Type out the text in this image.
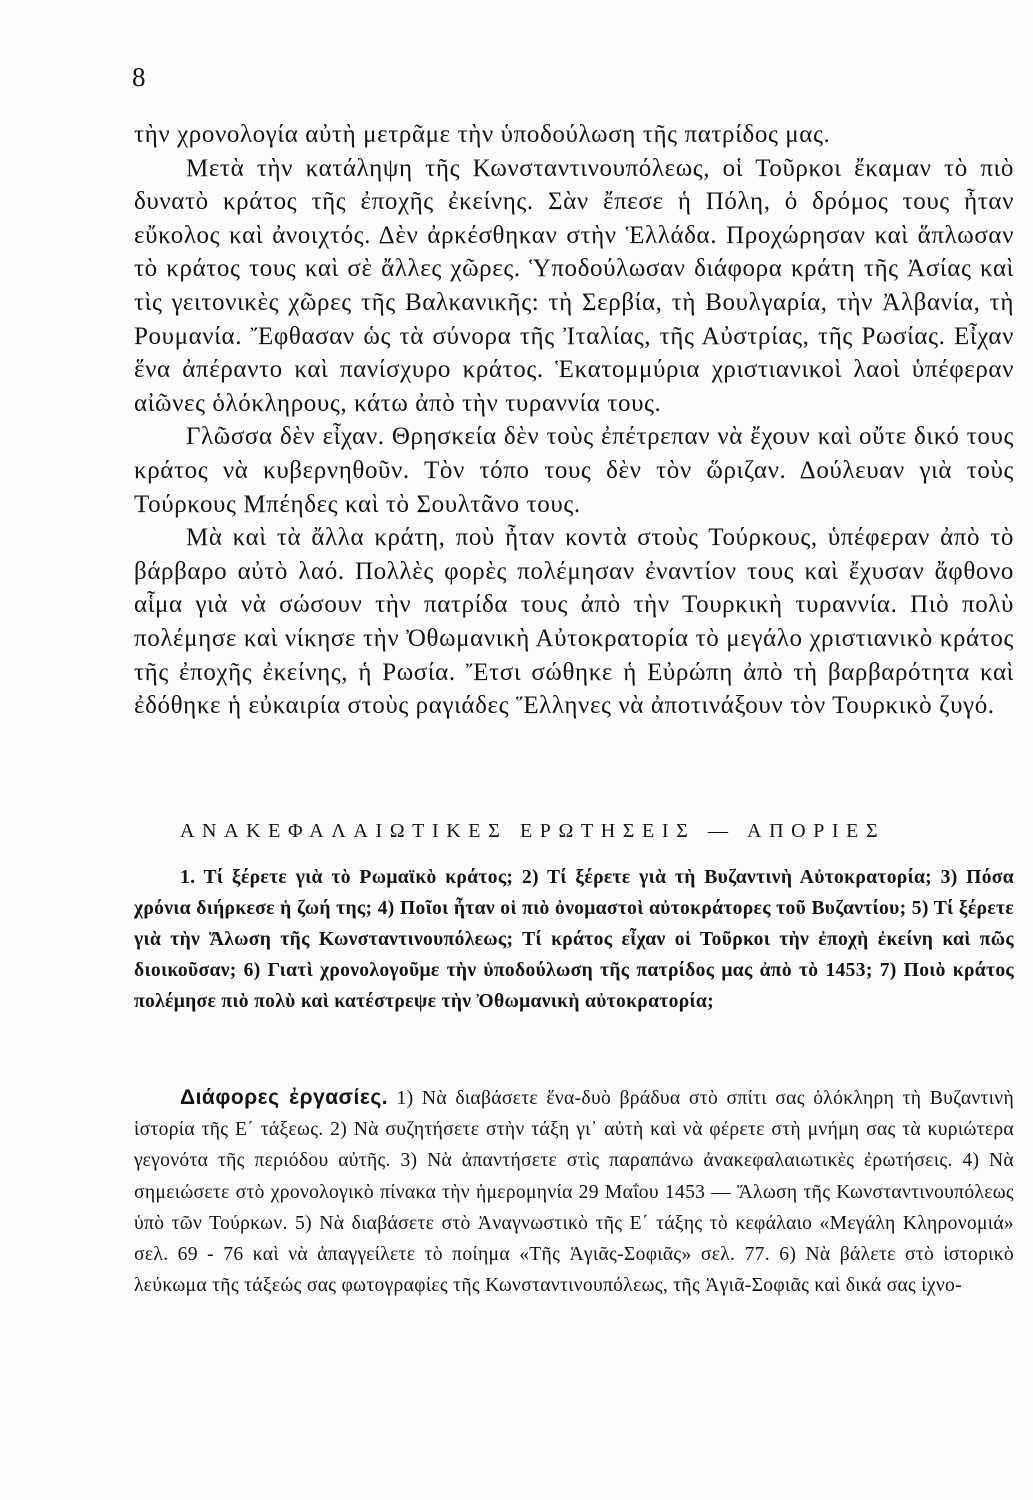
8

τὴν χρονολογία αὐτὴ μετρᾶμε τὴν ὑποδούλωση τῆς πατρίδος μας.

Μετὰ τὴν κατάληψη τῆς Κωνσταντινουπόλεως, οἱ Τοῦρκοι ἔκαμαν τὸ πιὸ δυνατὸ κράτος τῆς ἐποχῆς ἐκείνης. Σὰν ἔπεσε ἡ Πόλη, ὁ δρόμος τους ἦταν εὔκολος καὶ ἀνοιχτός. Δὲν ἀρκέσθηκαν στὴν Ἑλλάδα. Προχώρησαν καὶ ἅπλωσαν τὸ κράτος τους καὶ σὲ ἄλλες χῶρες. Ὑποδούλωσαν διάφορα κράτη τῆς Ἀσίας καὶ τὶς γειτονικὲς χῶρες τῆς Βαλκανικῆς: τὴ Σερβία, τὴ Βουλγαρία, τὴν Ἀλβανία, τὴ Ρουμανία. Ἔφθασαν ὡς τὰ σύνορα τῆς Ἰταλίας, τῆς Αὐστρίας, τῆς Ρωσίας. Εἶχαν ἕνα ἀπέραντο καὶ πανίσχυρο κράτος. Ἑκατομμύρια χριστιανικοὶ λαοὶ ὑπέφεραν αἰῶνες ὁλόκληρους, κάτω ἀπὸ τὴν τυραννία τους.

Γλῶσσα δὲν εἶχαν. Θρησκεία δὲν τοὺς ἐπέτρεπαν νὰ ἔχουν καὶ οὔτε δικό τους κράτος νὰ κυβερνηθοῦν. Τὸν τόπο τους δὲν τὸν ὥριζαν. Δούλευαν γιὰ τοὺς Τούρκους Μπέηδες καὶ τὸ Σουλτᾶνο τους.

Μὰ καὶ τὰ ἄλλα κράτη, ποὺ ἦταν κοντὰ στοὺς Τούρκους, ὑπέφεραν ἀπὸ τὸ βάρβαρο αὐτὸ λαό. Πολλὲς φορὲς πολέμησαν ἐναντίον τους καὶ ἔχυσαν ἄφθονο αἷμα γιὰ νὰ σώσουν τὴν πατρίδα τους ἀπὸ τὴν Τουρκικὴ τυραννία. Πιὸ πολὺ πολέμησε καὶ νίκησε τὴν Ὀθωμανικὴ Αὐτοκρατορία τὸ μεγάλο χριστιανικὸ κράτος τῆς ἐποχῆς ἐκείνης, ἡ Ρωσία. Ἔτσι σώθηκε ἡ Εὐρώπη ἀπὸ τὴ βαρβαρότητα καὶ ἐδόθηκε ἡ εὐκαιρία στοὺς ραγιάδες Ἕλληνες νὰ ἀποτινάξουν τὸν Τουρκικὸ ζυγό.

ΑΝΑΚΕΦΑΛΑΙΩΤΙΚΕΣ ΕΡΩΤΗΣΕΙΣ — ΑΠΟΡΙΕΣ

1. Τί ξέρετε γιὰ τὸ Ρωμαϊκὸ κράτος; 2) Τί ξέρετε γιὰ τὴ Βυζαντινὴ Αὐτοκρατορία; 3) Πόσα χρόνια διήρκεσε ἡ ζωή της; 4) Ποῖοι ἦταν οἱ πιὸ ὀνομαστοὶ αὐτοκράτορες τοῦ Βυζαντίου; 5) Τί ξέρετε γιὰ τὴν Ἅλωση τῆς Κωνσταντινουπόλεως; Τί κράτος εἶχαν οἱ Τοῦρκοι τὴν ἐποχὴ ἐκείνη καὶ πῶς διοικοῦσαν; 6) Γιατὶ χρονολογοῦμε τὴν ὑποδούλωση τῆς πατρίδος μας ἀπὸ τὸ 1453; 7) Ποιὸ κράτος πολέμησε πιὸ πολὺ καὶ κατέστρεψε τὴν Ὀθωμανικὴ αὐτοκρατορία;

Διάφορες ἐργασίες. 1) Νὰ διαβάσετε ἕνα-δυὸ βράδυα στὸ σπίτι σας ὁλόκληρη τὴ Βυζαντινὴ ἱστορία τῆς Ε΄ τάξεως. 2) Νὰ συζητήσετε στὴν τάξη γι᾿ αὐτὴ καὶ νὰ φέρετε στὴ μνήμη σας τὰ κυριώτερα γεγονότα τῆς περιόδου αὐτῆς. 3) Νὰ ἀπαντήσετε στὶς παραπάνω ἀνακεφαλαιωτικὲς ἐρωτήσεις. 4) Νὰ σημειώσετε στὸ χρονολογικὸ πίνακα τὴν ἡμερομηνία 29 Μαΐου 1453 — Ἅλωση τῆς Κωνσταντινουπόλεως ὑπὸ τῶν Τούρκων. 5) Νὰ διαβάσετε στὸ Ἀναγνωστικὸ τῆς Ε΄ τάξης τὸ κεφάλαιο «Μεγάλη Κληρονομιά» σελ. 69 - 76 καὶ νὰ ἀπαγγείλετε τὸ ποίημα «Τῆς Ἁγιᾶς-Σοφιᾶς» σελ. 77. 6) Νὰ βάλετε στὸ ἱστορικὸ λεύκωμα τῆς τάξεώς σας φωτογραφίες τῆς Κωνσταντινουπόλεως, τῆς Ἁγιᾶ-Σοφιᾶς καὶ δικά σας ἰχνο-
